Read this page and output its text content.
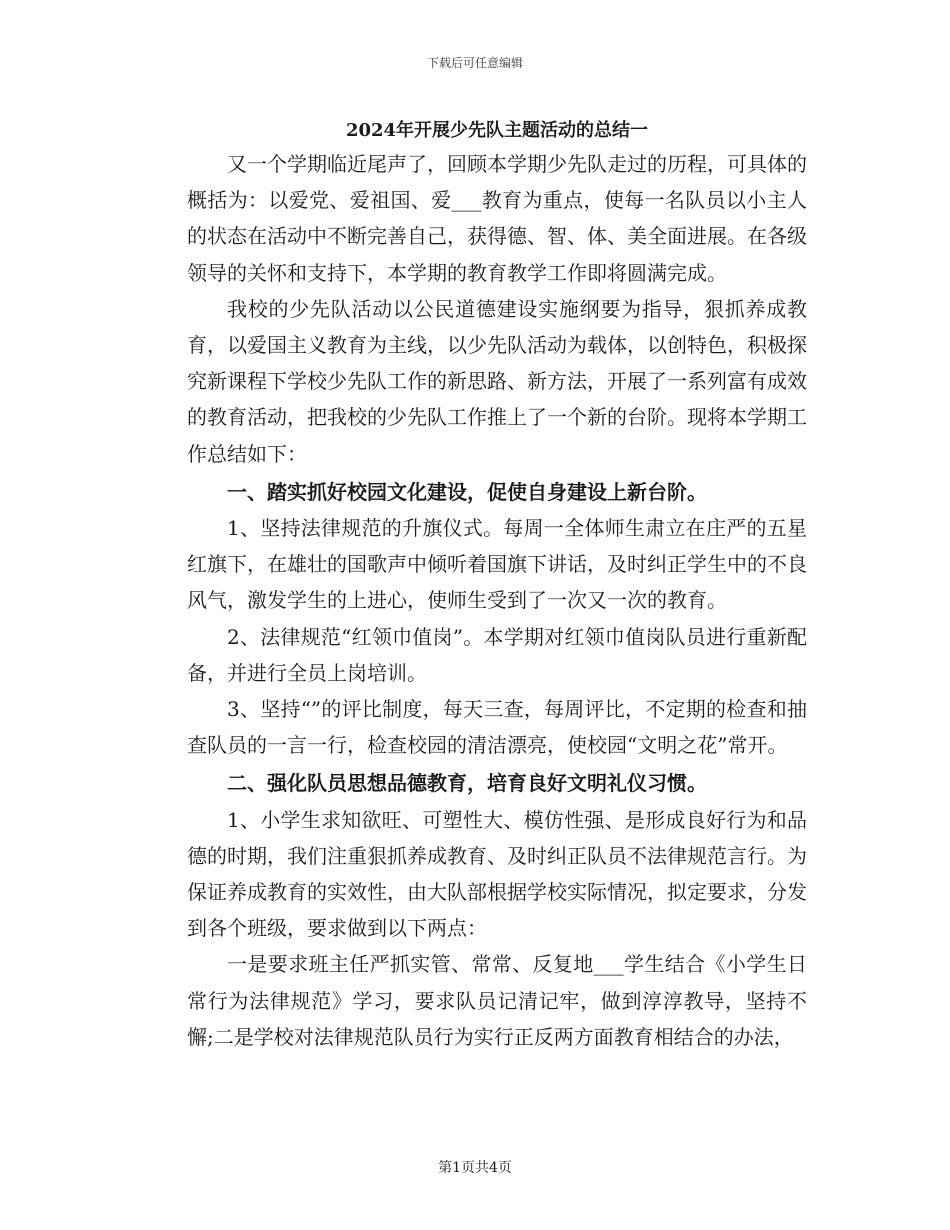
下载后可任意编辑
2024年开展少先队主题活动的总结一

又一个学期临近尾声了，回顾本学期少先队走过的历程，可具体的概括为：以爱党、爱祖国、爱___教育为重点，使每一名队员以小主人的状态在活动中不断完善自己，获得德、智、体、美全面进展。在各级领导的关怀和支持下，本学期的教育教学工作即将圆满完成。

我校的少先队活动以公民道德建设实施纲要为指导，狠抓养成教育，以爱国主义教育为主线，以少先队活动为载体，以创特色，积极探究新课程下学校少先队工作的新思路、新方法，开展了一系列富有成效的教育活动，把我校的少先队工作推上了一个新的台阶。现将本学期工作总结如下：

一、踏实抓好校园文化建设，促使自身建设上新台阶。

1、坚持法律规范的升旗仪式。每周一全体师生肃立在庄严的五星红旗下，在雄壮的国歌声中倾听着国旗下讲话，及时纠正学生中的不良风气，激发学生的上进心，使师生受到了一次又一次的教育。

2、法律规范“红领巾值岗”。本学期对红领巾值岗队员进行重新配备，并进行全员上岗培训。

3、坚持“”的评比制度，每天三查，每周评比，不定期的检查和抽查队员的一言一行，检查校园的清洁漂亮，使校园“文明之花”常开。

二、强化队员思想品德教育，培育良好文明礼仪习惯。

1、小学生求知欲旺、可塑性大、模仿性强、是形成良好行为和品德的时期，我们注重狠抓养成教育、及时纠正队员不法律规范言行。为保证养成教育的实效性，由大队部根据学校实际情况，拟定要求，分发到各个班级，要求做到以下两点：

一是要求班主任严抓实管、常常、反复地___学生结合《小学生日常行为法律规范》学习，要求队员记清记牢，做到淳淳教导，坚持不懈;二是学校对法律规范队员行为实行正反两方面教育相结合的办法，

第1页共4页
